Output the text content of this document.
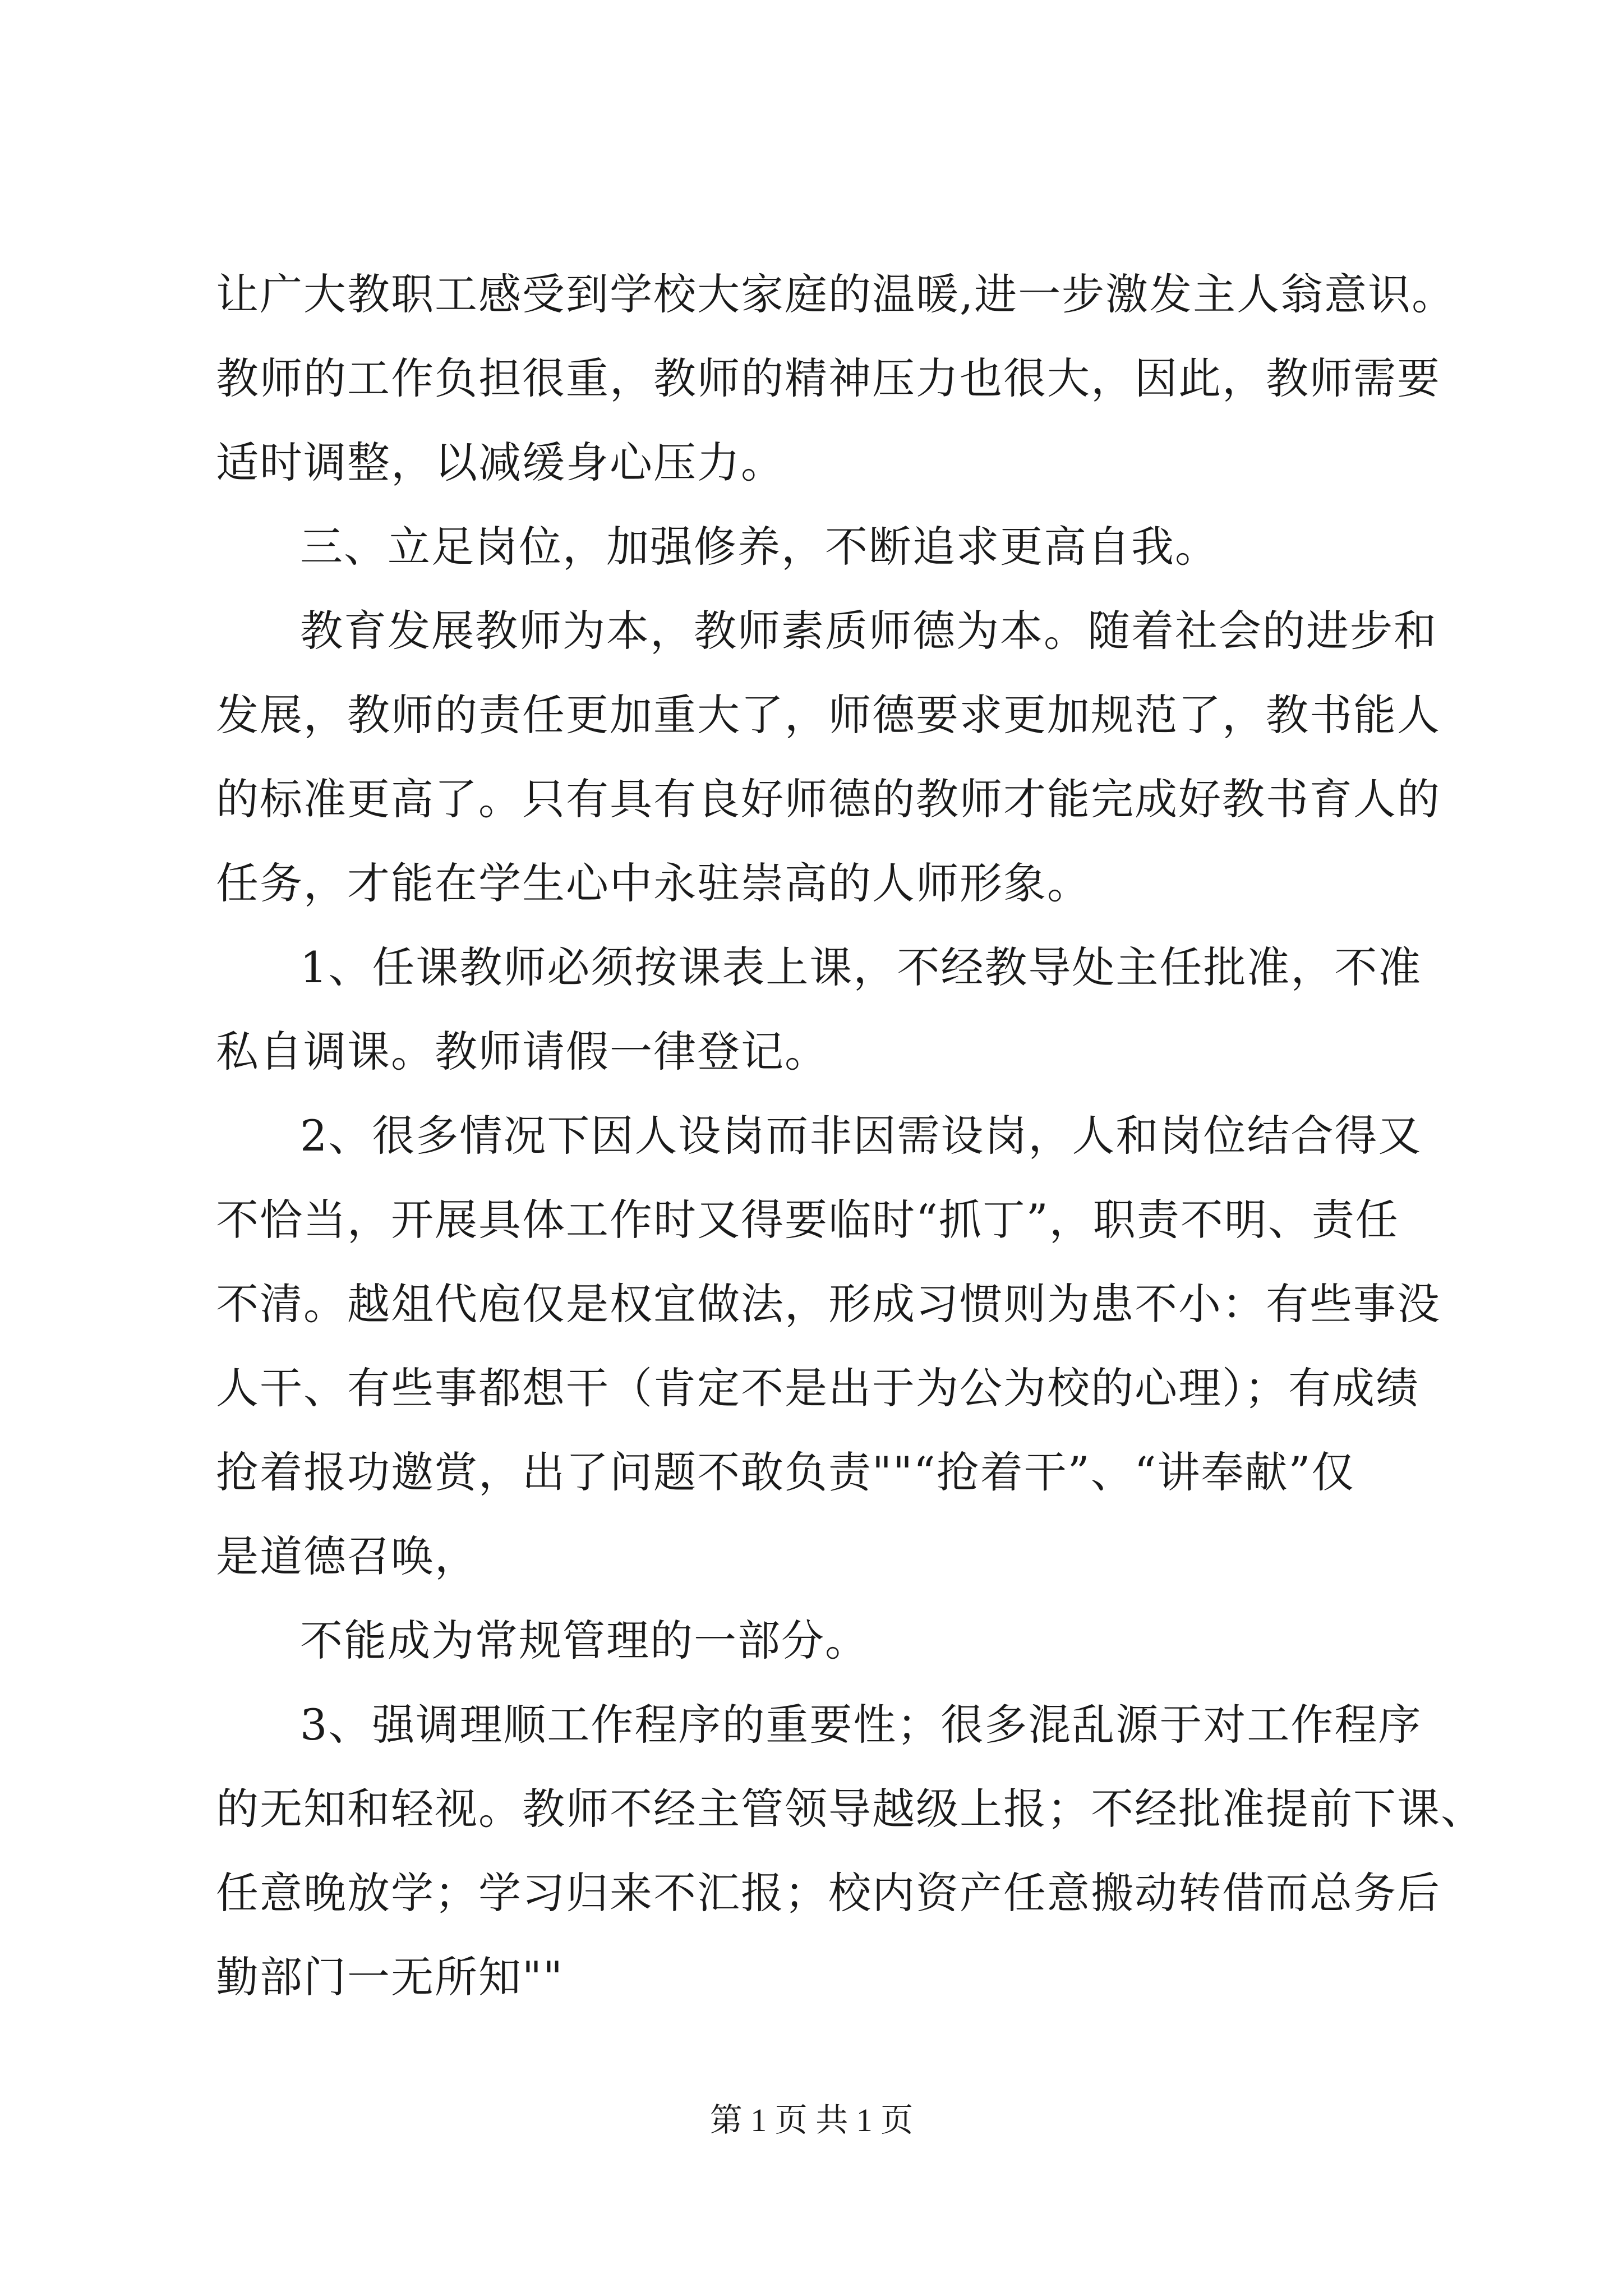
让广大教职工感受到学校大家庭的温暖,进一步激发主人翁意识。
教师的工作负担很重，教师的精神压力也很大，因此，教师需要
适时调整，以减缓身心压力。
三、立足岗位，加强修养，不断追求更高自我。
教育发展教师为本，教师素质师德为本。随着社会的进步和
发展，教师的责任更加重大了，师德要求更加规范了，教书能人
的标准更高了。只有具有良好师德的教师才能完成好教书育人的
任务，才能在学生心中永驻崇高的人师形象。
1、任课教师必须按课表上课，不经教导处主任批准，不准
私自调课。教师请假一律登记。
2、很多情况下因人设岗而非因需设岗，人和岗位结合得又
不恰当，开展具体工作时又得要临时“抓丁”，职责不明、责任
不清。越俎代庖仅是权宜做法，形成习惯则为患不小：有些事没
人干、有些事都想干（肯定不是出于为公为校的心理）；有成绩
抢着报功邀赏，出了问题不敢负责""“抢着干”、“讲奉献”仅
是道德召唤，
不能成为常规管理的一部分。
3、强调理顺工作程序的重要性；很多混乱源于对工作程序
的无知和轻视。教师不经主管领导越级上报；不经批准提前下课、
任意晚放学；学习归来不汇报；校内资产任意搬动转借而总务后
勤部门一无所知""
第 1 页 共 1 页
